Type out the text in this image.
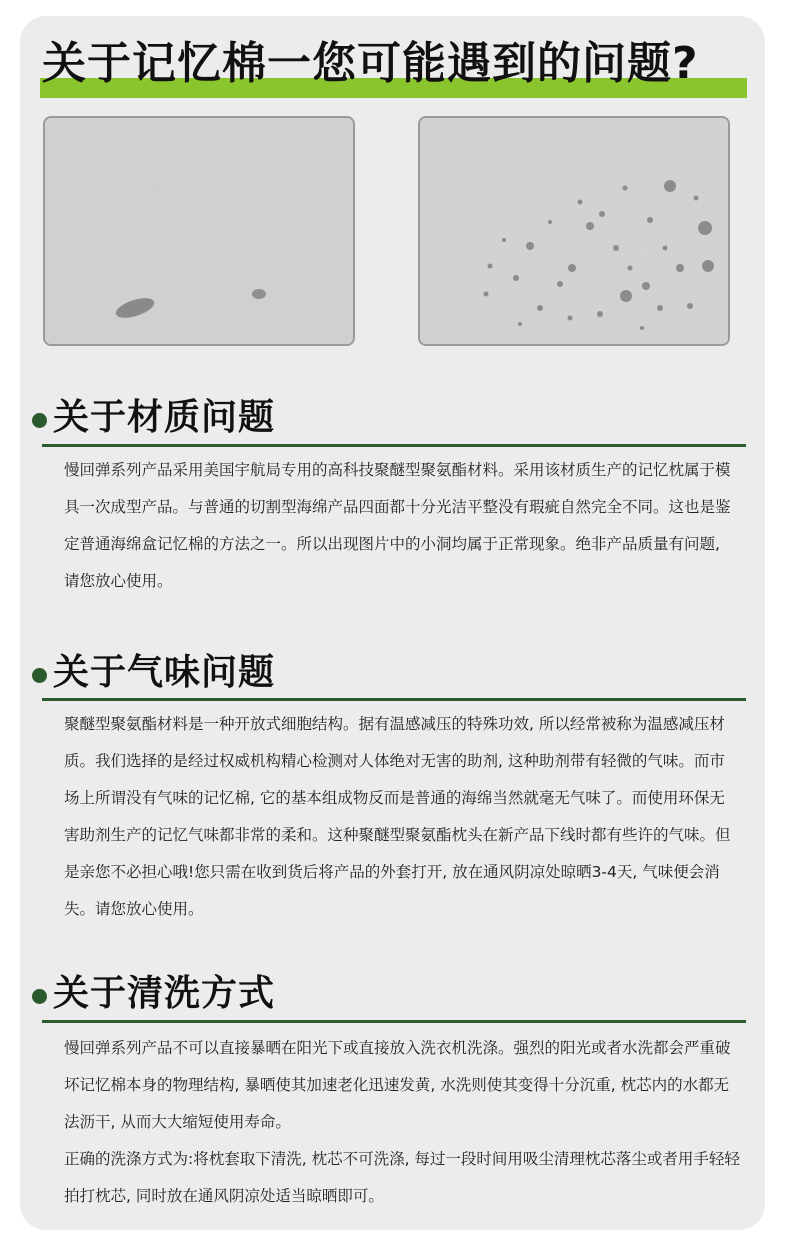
关于记忆棉一您可能遇到的问题?
关于材质问题

慢回弹系列产品采用美国宇航局专用的高科技聚醚型聚氨酯材料。采用该材质生产的记忆枕属于模具一次成型产品。与普通的切割型海绵产品四面都十分光洁平整没有瑕疵自然完全不同。这也是鉴定普通海绵盒记忆棉的方法之一。所以出现图片中的小洞均属于正常现象。绝非产品质量有问题, 请您放心使用。

关于气味问题

聚醚型聚氨酯材料是一种开放式细胞结构。据有温感减压的特殊功效, 所以经常被称为温感减压材质。我们选择的是经过权威机构精心检测对人体绝对无害的助剂, 这种助剂带有轻微的气味。而市场上所谓没有气味的记忆棉, 它的基本组成物反而是普通的海绵当然就毫无气味了。而使用环保无害助剂生产的记忆气味都非常的柔和。这种聚醚型聚氨酯枕头在新产品下线时都有些许的气味。但是亲您不必担心哦!您只需在收到货后将产品的外套打开, 放在通风阴凉处晾晒3-4天, 气味便会消失。请您放心使用。

关于清洗方式

慢回弹系列产品不可以直接暴晒在阳光下或直接放入洗衣机洗涤。强烈的阳光或者水洗都会严重破坏记忆棉本身的物理结构, 暴晒使其加速老化迅速发黄, 水洗则使其变得十分沉重, 枕芯内的水都无法沥干, 从而大大缩短使用寿命。

正确的洗涤方式为:将枕套取下清洗, 枕芯不可洗涤, 每过一段时间用吸尘清理枕芯落尘或者用手轻轻拍打枕芯, 同时放在通风阴凉处适当晾晒即可。
